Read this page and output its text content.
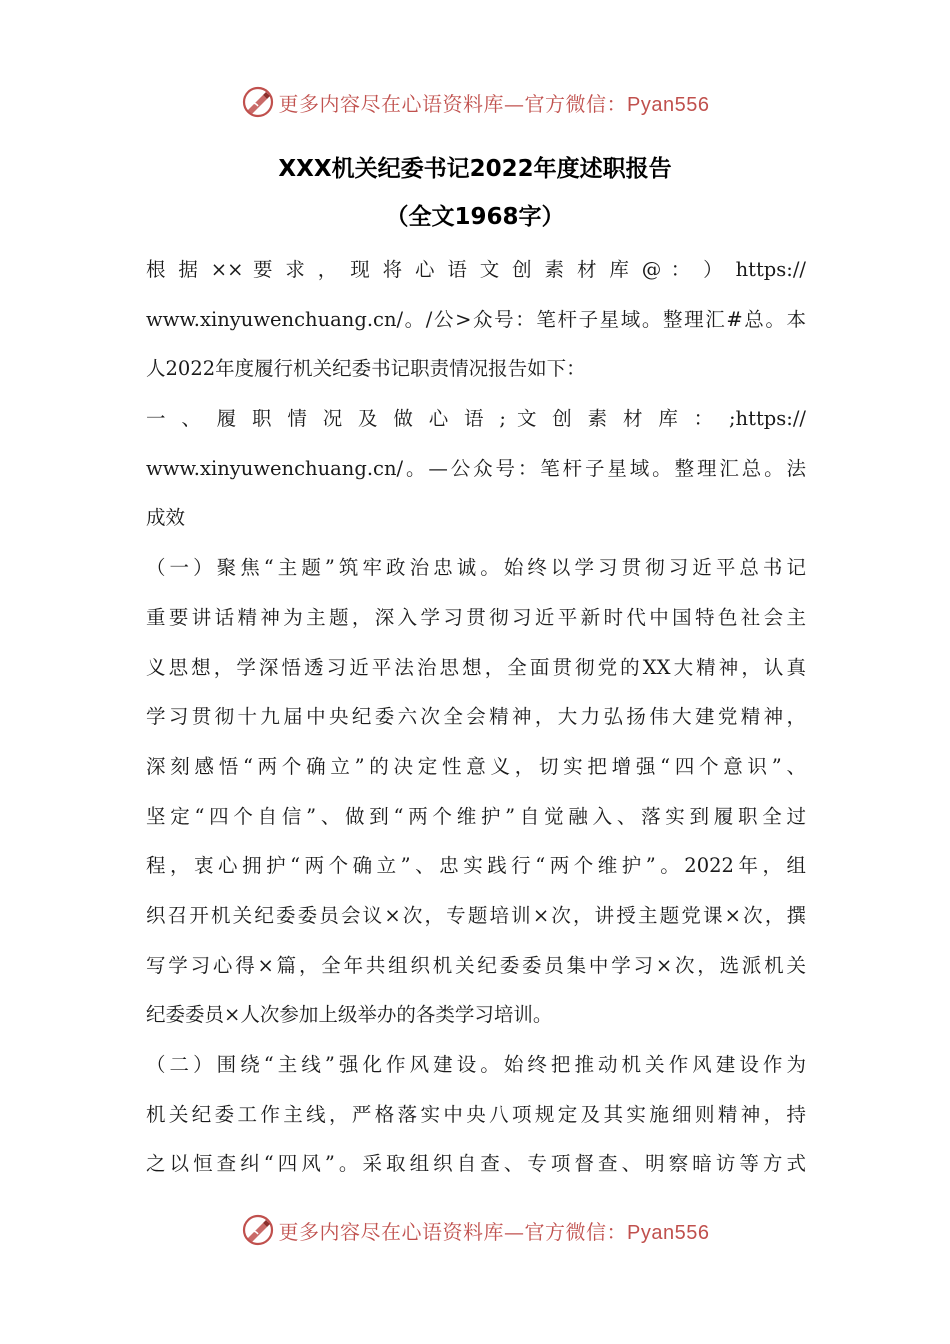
更多内容尽在心语资料库—官方微信：Pyan556
XXX机关纪委书记2022年度述职报告
（全文1968字）
根 据 ×× 要 求 ， 现 将 心 语 文 创 素 材 库 @ ： ） https://
www.xinyuwenchuang.cn/。/公>众号：笔杆子星域。整理汇#总。本
人2022年度履行机关纪委书记职责情况报告如下：
一 、 履 职 情 况 及 做 心 语 ; 文 创 素 材 库 ： ;https://
www.xinyuwenchuang.cn/。—公众号：笔杆子星域。整理汇总。法
成效
（一）聚焦“主题”筑牢政治忠诚。始终以学习贯彻习近平总书记
重要讲话精神为主题，深入学习贯彻习近平新时代中国特色社会主
义思想，学深悟透习近平法治思想，全面贯彻党的XX大精神，认真
学习贯彻十九届中央纪委六次全会精神，大力弘扬伟大建党精神，
深刻感悟“两个确立”的决定性意义，切实把增强“四个意识”、
坚定“四个自信”、做到“两个维护”自觉融入、落实到履职全过
程，衷心拥护“两个确立”、忠实践行“两个维护”。2022年，组
织召开机关纪委委员会议×次，专题培训×次，讲授主题党课×次，撰
写学习心得×篇，全年共组织机关纪委委员集中学习×次，选派机关
纪委委员×人次参加上级举办的各类学习培训。
（二）围绕“主线”强化作风建设。始终把推动机关作风建设作为
机关纪委工作主线，严格落实中央八项规定及其实施细则精神，持
之以恒查纠“四风”。采取组织自查、专项督查、明察暗访等方式
更多内容尽在心语资料库—官方微信：Pyan556
